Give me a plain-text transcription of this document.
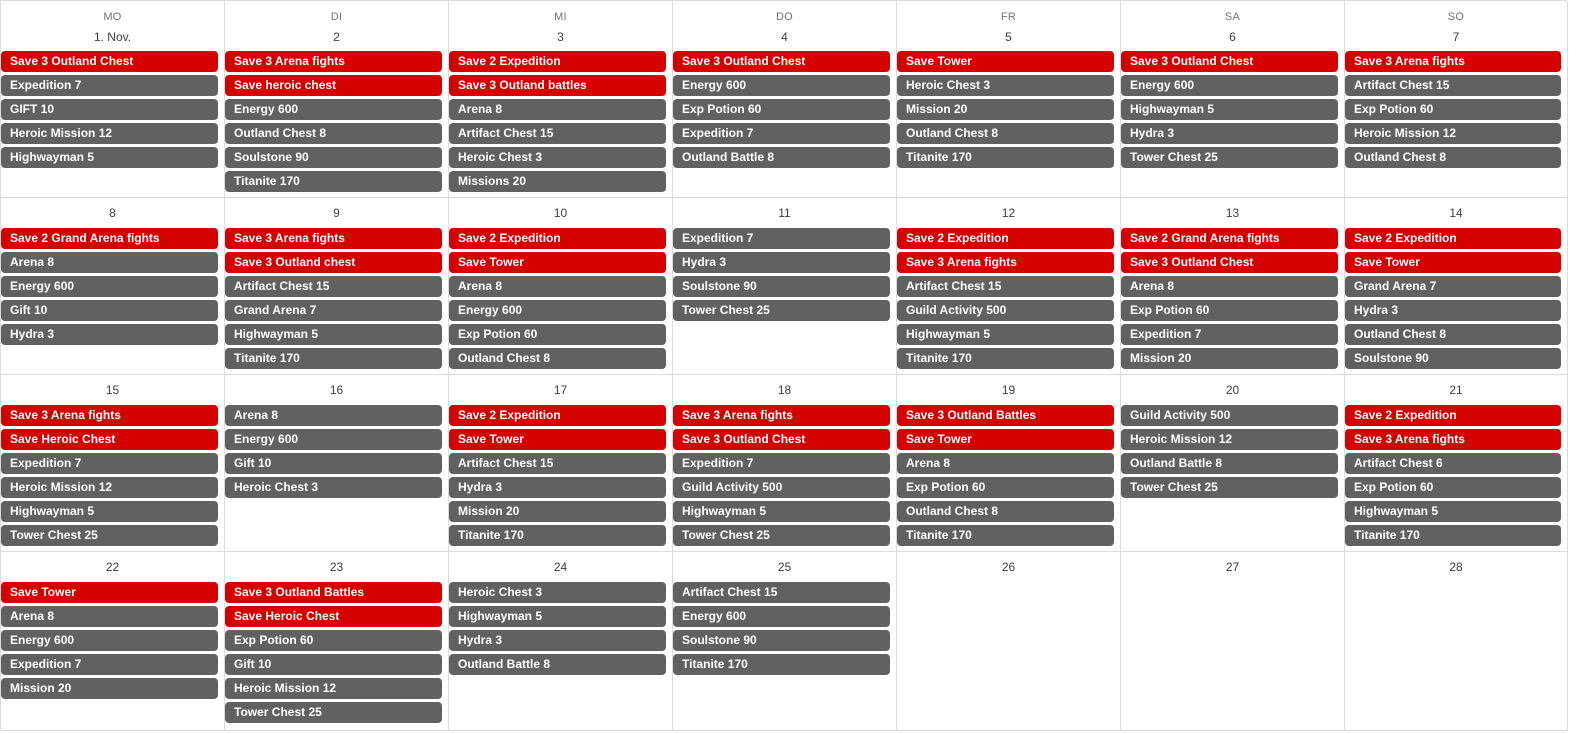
MO
1. Nov.
Save 3 Outland Chest
Expedition 7
GIFT 10
Heroic Mission 12
Highwayman 5
DI
2
Save 3 Arena fights
Save heroic chest
Energy 600
Outland Chest 8
Soulstone 90
Titanite 170
MI
3
Save 2 Expedition
Save 3 Outland battles
Arena 8
Artifact Chest 15
Heroic Chest 3
Missions 20
DO
4
Save 3 Outland Chest
Energy 600
Exp Potion 60
Expedition 7
Outland Battle 8
FR
5
Save Tower
Heroic Chest 3
Mission 20
Outland Chest 8
Titanite 170
SA
6
Save 3 Outland Chest
Energy 600
Highwayman 5
Hydra 3
Tower Chest 25
SO
7
Save 3 Arena fights
Artifact Chest 15
Exp Potion 60
Heroic Mission 12
Outland Chest 8
8
Save 2 Grand Arena fights
Arena 8
Energy 600
Gift 10
Hydra 3
9
Save 3 Arena fights
Save 3 Outland chest
Artifact Chest 15
Grand Arena 7
Highwayman 5
Titanite 170
10
Save 2 Expedition
Save Tower
Arena 8
Energy 600
Exp Potion 60
Outland Chest 8
11
Expedition 7
Hydra 3
Soulstone 90
Tower Chest 25
12
Save 2 Expedition
Save 3 Arena fights
Artifact Chest 15
Guild Activity 500
Highwayman 5
Titanite 170
13
Save 2 Grand Arena fights
Save 3 Outland Chest
Arena 8
Exp Potion 60
Expedition 7
Mission 20
14
Save 2 Expedition
Save Tower
Grand Arena 7
Hydra 3
Outland Chest 8
Soulstone 90
15
Save 3 Arena fights
Save Heroic Chest
Expedition 7
Heroic Mission 12
Highwayman 5
Tower Chest 25
16
Arena 8
Energy 600
Gift 10
Heroic Chest 3
17
Save 2 Expedition
Save Tower
Artifact Chest 15
Hydra 3
Mission 20
Titanite 170
18
Save 3 Arena fights
Save 3 Outland Chest
Expedition 7
Guild Activity 500
Highwayman 5
Tower Chest 25
19
Save 3 Outland Battles
Save Tower
Arena 8
Exp Potion 60
Outland Chest 8
Titanite 170
20
Guild Activity 500
Heroic Mission 12
Outland Battle 8
Tower Chest 25
21
Save 2 Expedition
Save 3 Arena fights
Artifact Chest 6
Exp Potion 60
Highwayman 5
Titanite 170
22
Save Tower
Arena 8
Energy 600
Expedition 7
Mission 20
23
Save 3 Outland Battles
Save Heroic Chest
Exp Potion 60
Gift 10
Heroic Mission 12
Tower Chest 25
24
Heroic Chest 3
Highwayman 5
Hydra 3
Outland Battle 8
25
Artifact Chest 15
Energy 600
Soulstone 90
Titanite 170
26	27	28
